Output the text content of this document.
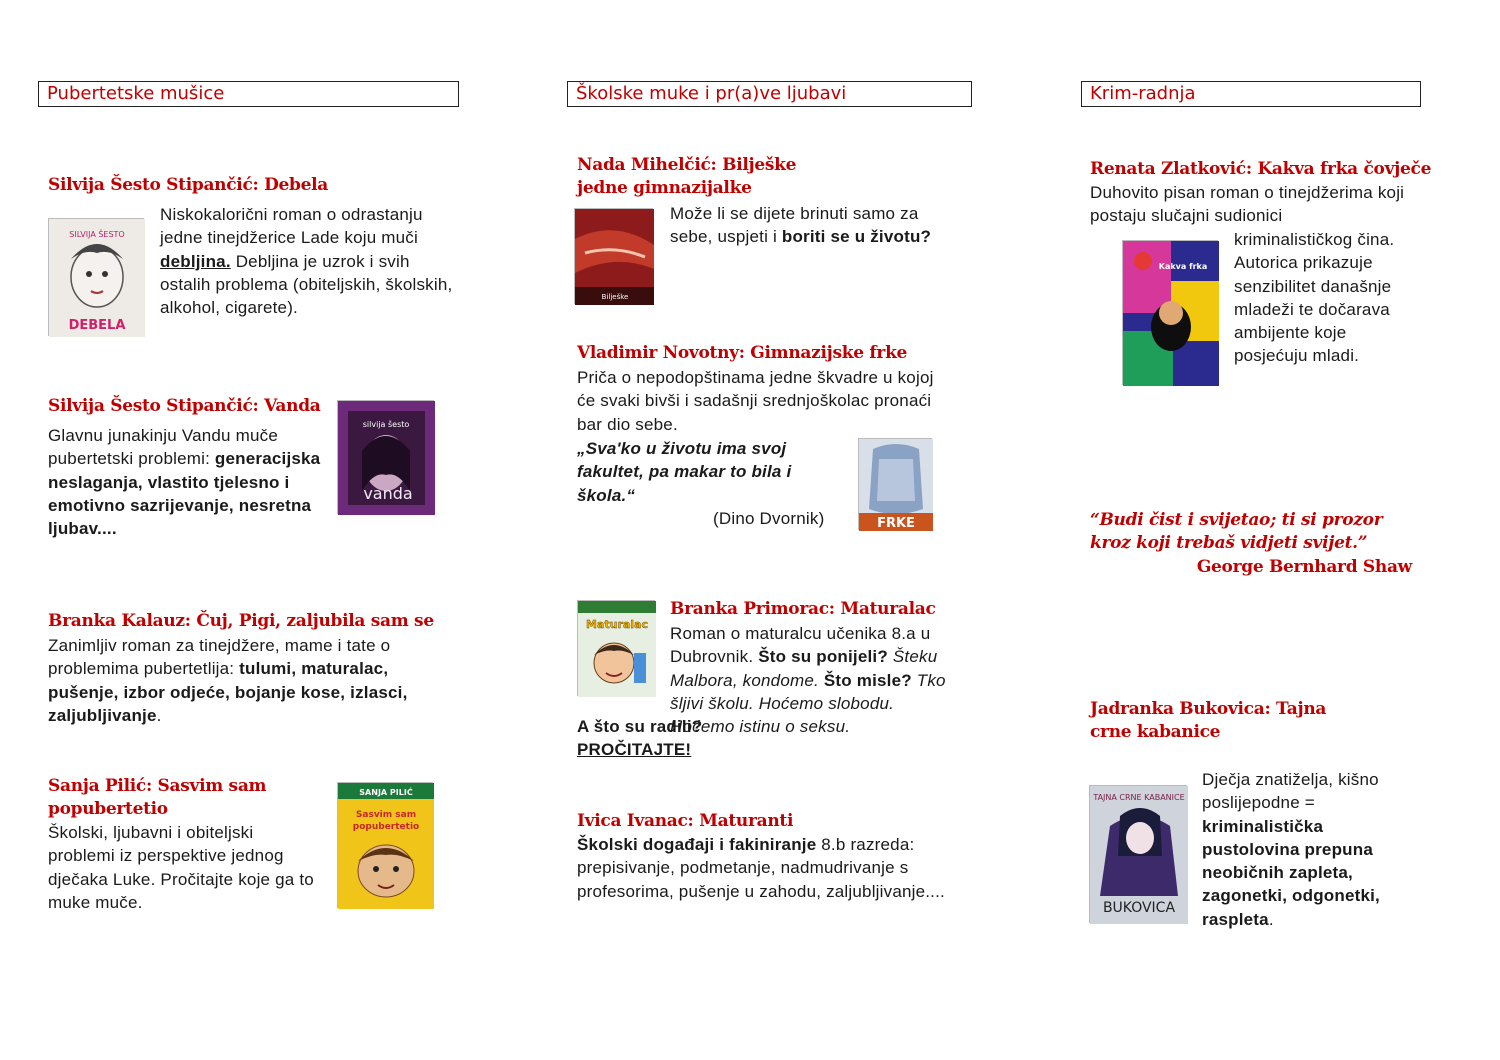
Pubertetske mušice	Školske muke i pr(a)ve ljubavi	Krim-radnja
Silvija Šesto Stipančić: Debela
SILVIJA ŠESTO
DEBELA
Niskokalorični roman o odrastanju jedne tinejdžerice Lade koju muči debljina. Debljina je uzrok i svih ostalih problema (obiteljskih, školskih, alkohol, cigarete).
Silvija Šesto Stipančić: Vanda
silvija šesto
vanda
Glavnu junakinju Vandu muče pubertetski problemi: generacijska neslaganja, vlastito tjelesno i emotivno sazrijevanje, nesretna ljubav....
Branka Kalauz: Čuj, Pigi, zaljubila sam se
Zanimljiv roman za tinejdžere, mame i tate o problemima pubertetlija: tulumi, maturalac, pušenje, izbor odjeće, bojanje kose, izlasci, zaljubljivanje.
Sanja Pilić: Sasvim sam popubertetio
SANJA PILIĆ
Sasvim sam
popubertetio
Školski, ljubavni i obiteljski problemi iz perspektive jednog dječaka Luke. Pročitajte koje ga to muke muče.
Nada Mihelčić: Bilješke jedne gimnazijalke
Bilješke
Može li se dijete brinuti samo za sebe, uspjeti i boriti se u životu?
Vladimir Novotny: Gimnazijske frke
Priča o nepodopštinama jedne škvadre u kojoj će svaki bivši i sadašnji srednjoškolac pronaći bar dio sebe.
„Sva'ko u životu ima svoj fakultet, pa makar to bila i škola.“
(Dino Dvornik)	FRKE
Maturalac
Branka Primorac: Maturalac
Roman o maturalcu učenika 8.a u Dubrovnik. Što su ponijeli? Šteku Malbora, kondome. Što misle? Tko šljivi školu. Hoćemo slobodu. Hoćemo istinu o seksu.
A što su radili?
PROČITAJTE!
Ivica Ivanac: Maturanti
Školski događaji i fakiniranje 8.b razreda: prepisivanje, podmetanje, nadmudrivanje s profesorima, pušenje u zahodu, zaljubljivanje....
Renata Zlatković: Kakva frka čovječe
Duhovito pisan roman o tinejdžerima koji postaju slučajni sudionici
Kakva frka
kriminalističkog čina. Autorica prikazuje senzibilitet današnje mladeži te dočarava ambijente koje posjećuju mladi.
“Budi čist i svijetao; ti si prozor kroz koji trebaš vidjeti svijet.”
George Bernhard Shaw
Jadranka Bukovica: Tajna crne kabanice
TAJNA CRNE KABANICE
BUKOVICA
Dječja znatiželja, kišno poslijepodne = kriminalistička pustolovina prepuna neobičnih zapleta, zagonetki, odgonetki, raspleta.
